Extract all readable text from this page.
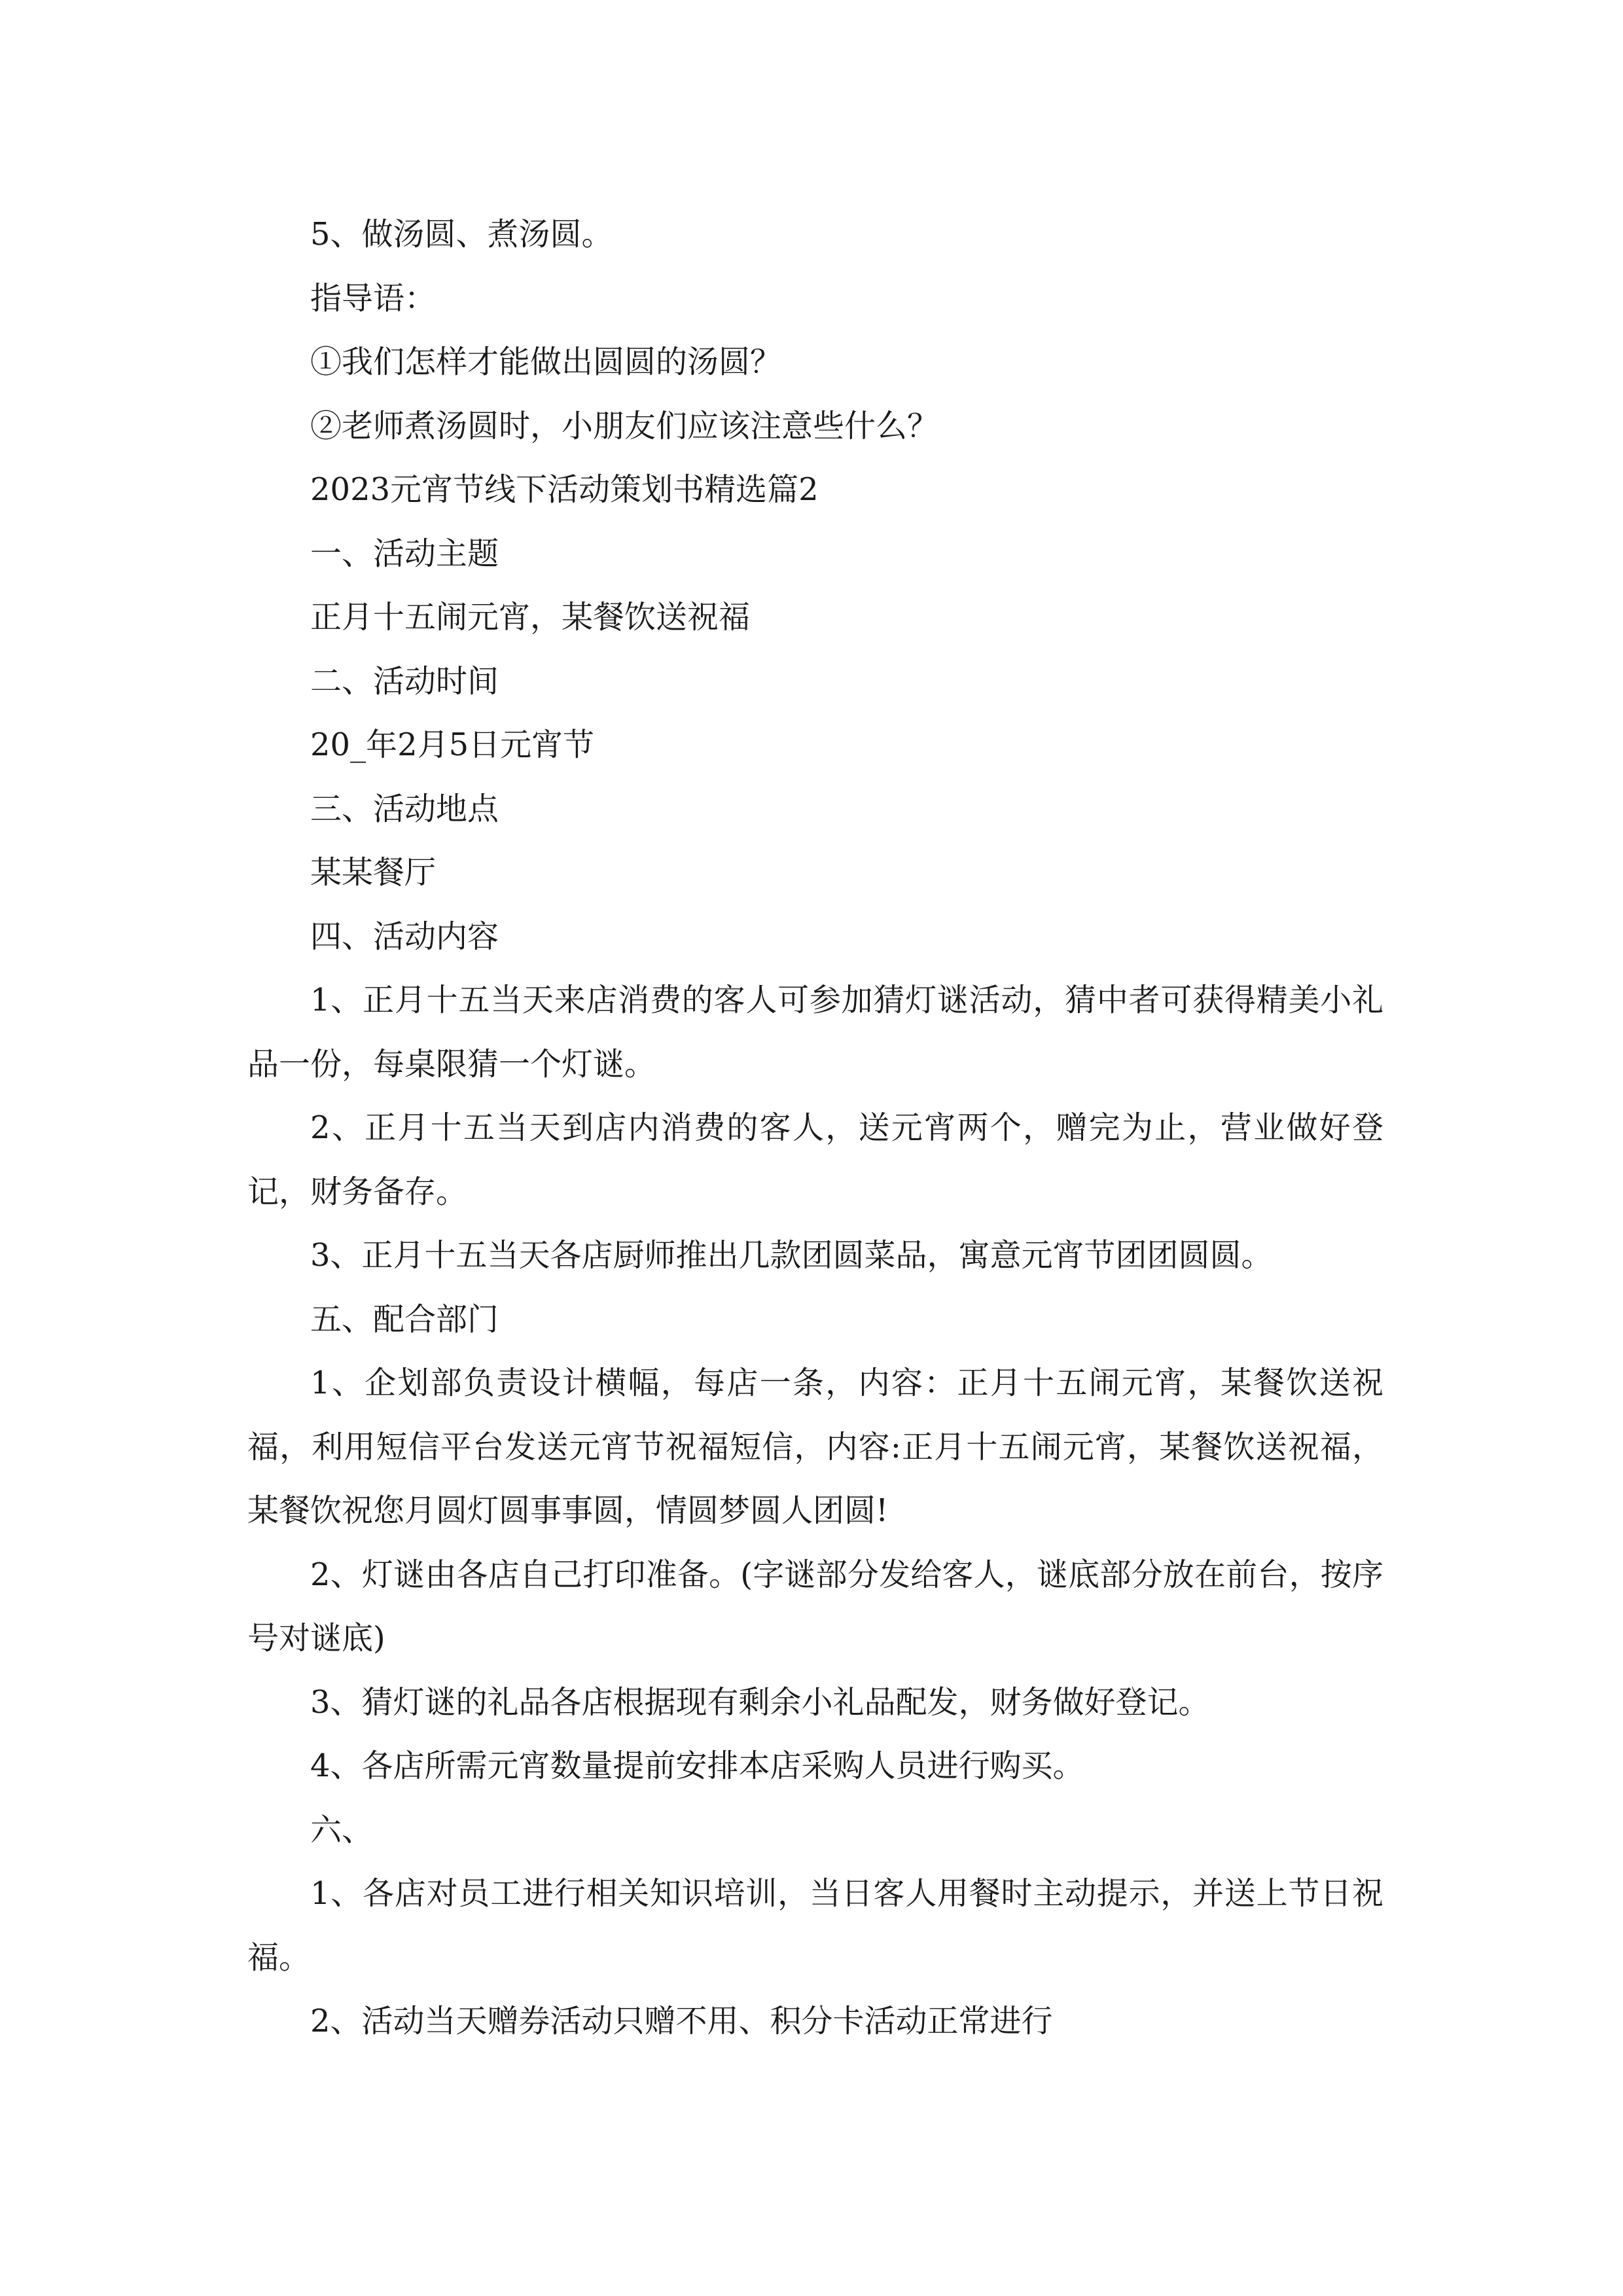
5、做汤圆、煮汤圆。

指导语：

①我们怎样才能做出圆圆的汤圆？

②老师煮汤圆时，小朋友们应该注意些什么？

2023元宵节线下活动策划书精选篇2

一、活动主题

正月十五闹元宵，某餐饮送祝福

二、活动时间

20_年2月5日元宵节

三、活动地点

某某餐厅

四、活动内容

1、正月十五当天来店消费的客人可参加猜灯谜活动，猜中者可获得精美小礼品一份，每桌限猜一个灯谜。

2、正月十五当天到店内消费的客人，送元宵两个，赠完为止，营业做好登记，财务备存。

3、正月十五当天各店厨师推出几款团圆菜品，寓意元宵节团团圆圆。

五、配合部门

1、企划部负责设计横幅，每店一条，内容：正月十五闹元宵，某餐饮送祝福，利用短信平台发送元宵节祝福短信，内容:正月十五闹元宵，某餐饮送祝福，某餐饮祝您月圆灯圆事事圆，情圆梦圆人团圆!

2、灯谜由各店自己打印准备。(字谜部分发给客人，谜底部分放在前台，按序号对谜底)

3、猜灯谜的礼品各店根据现有剩余小礼品配发，财务做好登记。

4、各店所需元宵数量提前安排本店采购人员进行购买。

六、

1、各店对员工进行相关知识培训，当日客人用餐时主动提示，并送上节日祝福。

2、活动当天赠券活动只赠不用、积分卡活动正常进行
